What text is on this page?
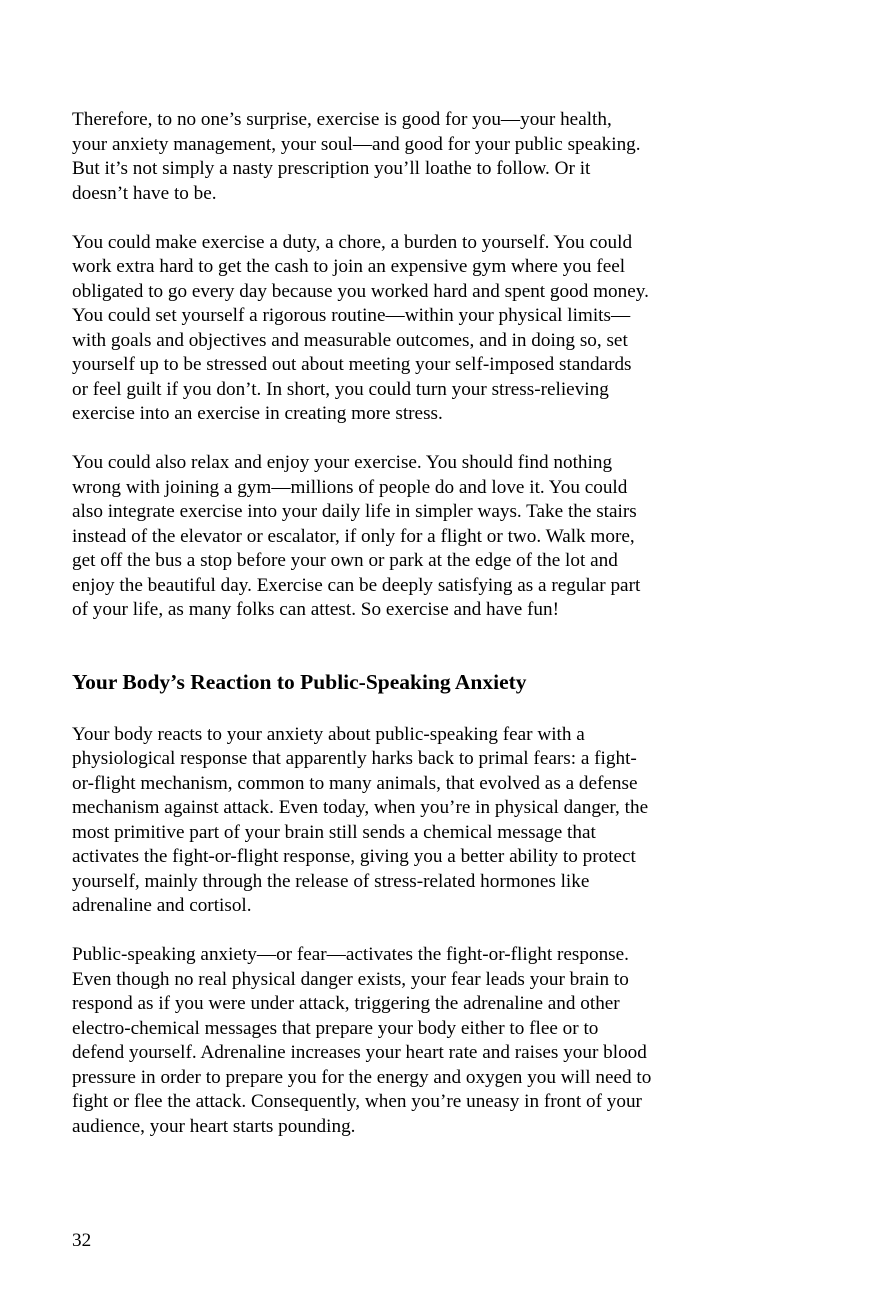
Therefore, to no one’s surprise, exercise is good for you—your health,
your anxiety management, your soul—and good for your public speaking.
But it’s not simply a nasty prescription you’ll loathe to follow. Or it
doesn’t have to be.

You could make exercise a duty, a chore, a burden to yourself. You could
work extra hard to get the cash to join an expensive gym where you feel
obligated to go every day because you worked hard and spent good money.
You could set yourself a rigorous routine—within your physical limits—
with goals and objectives and measurable outcomes, and in doing so, set
yourself up to be stressed out about meeting your self-imposed standards
or feel guilt if you don’t. In short, you could turn your stress-relieving
exercise into an exercise in creating more stress.

You could also relax and enjoy your exercise. You should find nothing
wrong with joining a gym—millions of people do and love it. You could
also integrate exercise into your daily life in simpler ways. Take the stairs
instead of the elevator or escalator, if only for a flight or two. Walk more,
get off the bus a stop before your own or park at the edge of the lot and
enjoy the beautiful day. Exercise can be deeply satisfying as a regular part
of your life, as many folks can attest. So exercise and have fun!

Your Body’s Reaction to Public-Speaking Anxiety

Your body reacts to your anxiety about public-speaking fear with a
physiological response that apparently harks back to primal fears: a fight-
or-flight mechanism, common to many animals, that evolved as a defense
mechanism against attack. Even today, when you’re in physical danger, the
most primitive part of your brain still sends a chemical message that
activates the fight-or-flight response, giving you a better ability to protect
yourself, mainly through the release of stress-related hormones like
adrenaline and cortisol.

Public-speaking anxiety—or fear—activates the fight-or-flight response.
Even though no real physical danger exists, your fear leads your brain to
respond as if you were under attack, triggering the adrenaline and other
electro-chemical messages that prepare your body either to flee or to
defend yourself. Adrenaline increases your heart rate and raises your blood
pressure in order to prepare you for the energy and oxygen you will need to
fight or flee the attack. Consequently, when you’re uneasy in front of your
audience, your heart starts pounding.

32
